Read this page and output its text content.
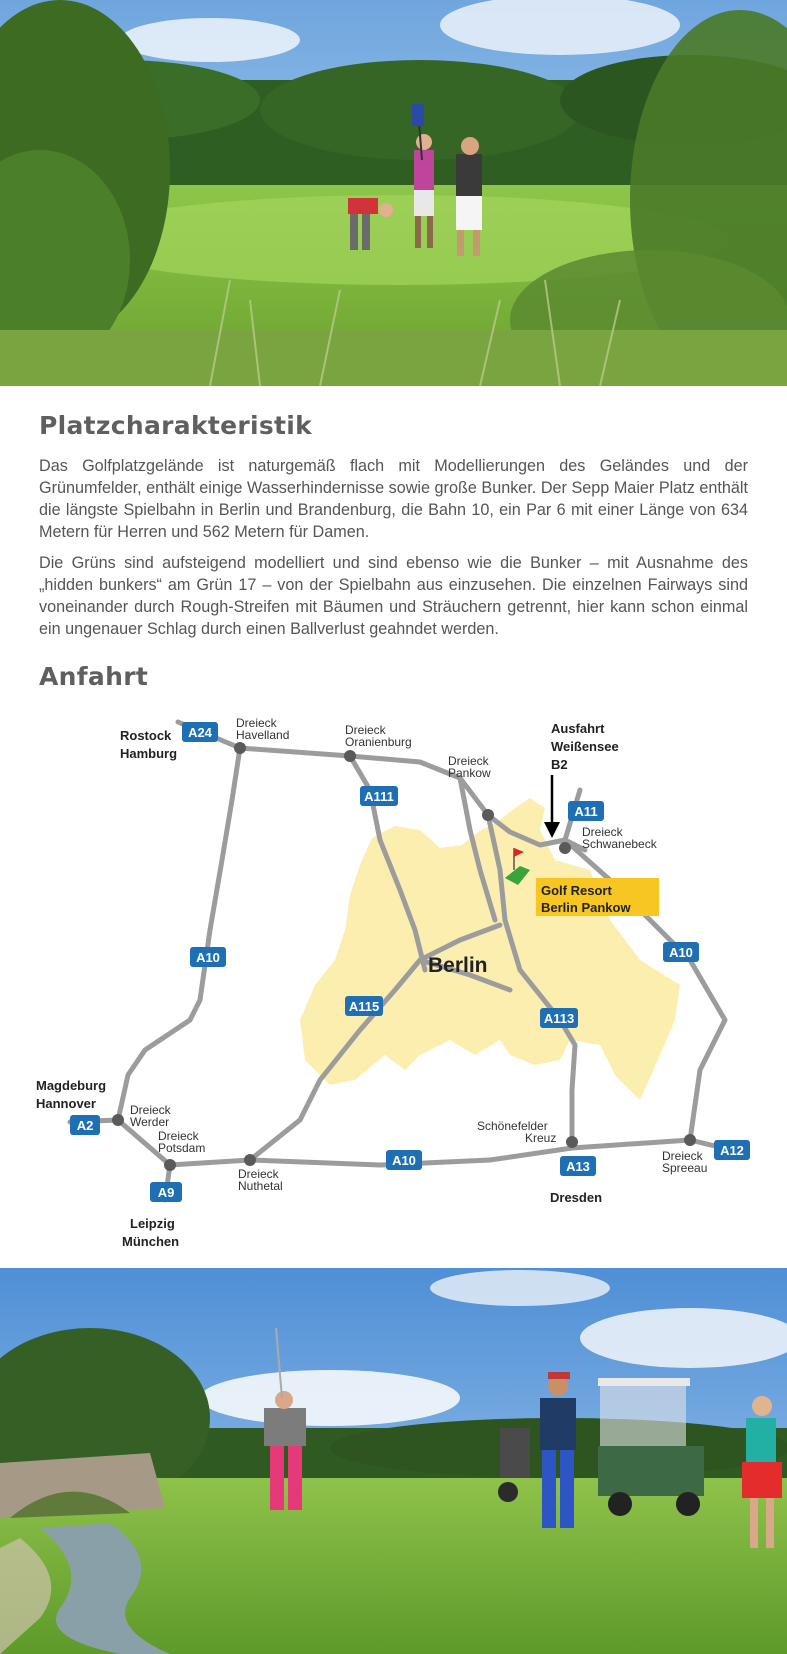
Platzcharakteristik

Das Golfplatzgelände ist naturgemäß flach mit Modellierungen des Geländes und der Grünumfelder, enthält einige Wasserhindernisse sowie große Bunker. Der Sepp Maier Platz enthält die längste Spielbahn in Berlin und Brandenburg, die Bahn 10, ein Par 6 mit einer Länge von 634 Metern für Herren und 562 Metern für Damen.

Die Grüns sind aufsteigend modelliert und sind ebenso wie die Bunker – mit Ausnahme des „hidden bunkers“ am Grün 17 – von der Spielbahn aus einzusehen. Die einzelnen Fairways sind voneinander durch Rough-Streifen mit Bäumen und Sträuchern getrennt, hier kann schon einmal ein ungenauer Schlag durch einen Ballverlust geahndet werden.

Anfahrt
Golf Resort
Berlin Pankow
Berlin
Ausfahrt
Weißensee
B2
Rostock
Hamburg
Magdeburg
Hannover
Leipzig
München
Dresden
Dreieck
Havelland	Dreieck
Oranienburg
Dreieck
Pankow
Dreieck
Schwanebeck
Dreieck
Werder
Dreieck
Potsdam
Dreieck
Nuthetal
Schönefelder
Kreuz
Dreieck
Spreeau
A24
A111
A11
A10	A10
A115
A113
A2
A9
A10	A13
A12
